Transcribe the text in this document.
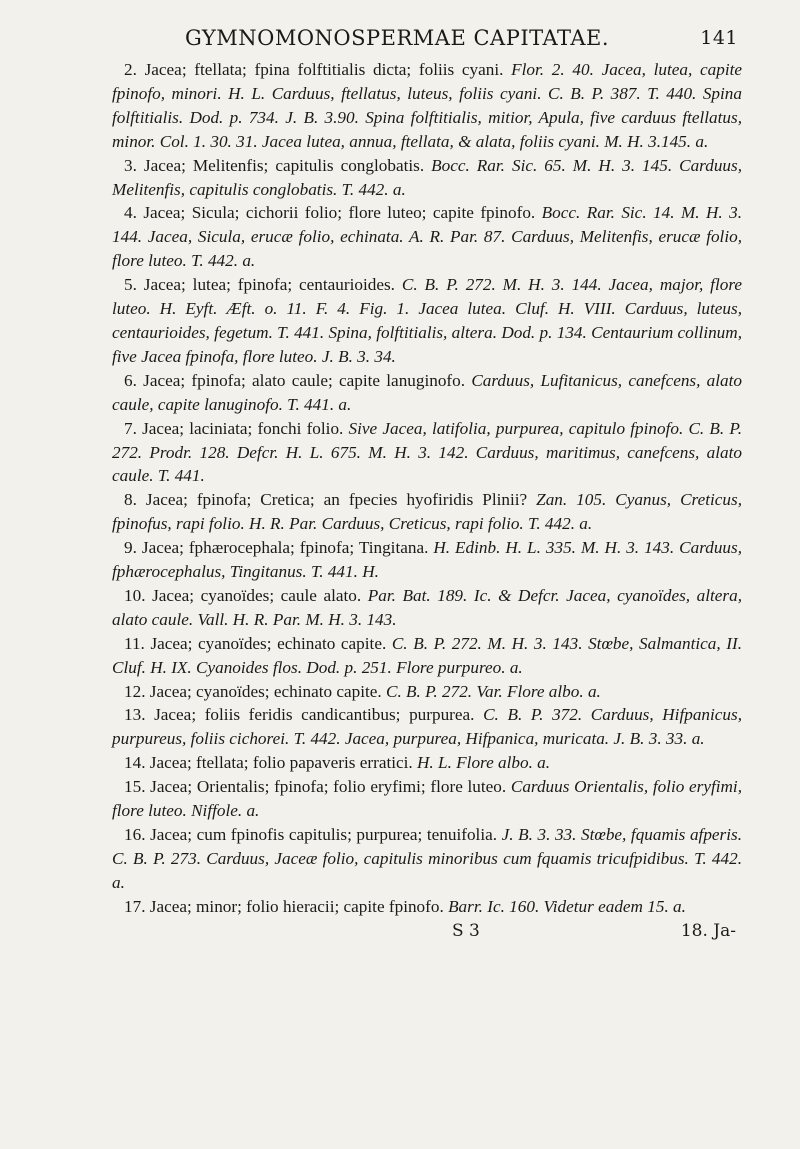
GYMNOMONOSPERMAE CAPITATAE.	141

2. Jacea; ftellata; fpina folftitialis dicta; foliis cyani. Flor. 2. 40. Jacea, lutea, capite fpinofo, minori. H. L. Carduus, ftellatus, luteus, foliis cyani. C. B. P. 387. T. 440. Spina folftitialis. Dod. p. 734. J. B. 3.90. Spina folftitialis, mitior, Apula, five carduus ftellatus, minor. Col. 1. 30. 31. Jacea lutea, annua, ftellata, & alata, foliis cyani. M. H. 3.145. a.

3. Jacea; Melitenfis; capitulis conglobatis. Bocc. Rar. Sic. 65. M. H. 3. 145. Carduus, Melitenfis, capitulis conglobatis. T. 442. a.

4. Jacea; Sicula; cichorii folio; flore luteo; capite fpinofo. Bocc. Rar. Sic. 14. M. H. 3. 144. Jacea, Sicula, erucæ folio, echinata. A. R. Par. 87. Carduus, Melitenfis, erucæ folio, flore luteo. T. 442. a.

5. Jacea; lutea; fpinofa; centaurioides. C. B. P. 272. M. H. 3. 144. Jacea, major, flore luteo. H. Eyft. Æft. o. 11. F. 4. Fig. 1. Jacea lutea. Cluf. H. VIII. Carduus, luteus, centaurioides, fegetum. T. 441. Spina, folftitialis, altera. Dod. p. 134. Centaurium collinum, five Jacea fpinofa, flore luteo. J. B. 3. 34.

6. Jacea; fpinofa; alato caule; capite lanuginofo. Carduus, Lufitanicus, canefcens, alato caule, capite lanuginofo. T. 441. a.

7. Jacea; laciniata; fonchi folio. Sive Jacea, latifolia, purpurea, capitulo fpinofo. C. B. P. 272. Prodr. 128. Defcr. H. L. 675. M. H. 3. 142. Carduus, maritimus, canefcens, alato caule. T. 441.

8. Jacea; fpinofa; Cretica; an fpecies hyofiridis Plinii? Zan. 105. Cyanus, Creticus, fpinofus, rapi folio. H. R. Par. Carduus, Creticus, rapi folio. T. 442. a.

9. Jacea; fphærocephala; fpinofa; Tingitana. H. Edinb. H. L. 335. M. H. 3. 143. Carduus, fphærocephalus, Tingitanus. T. 441. H.

10. Jacea; cyanoïdes; caule alato. Par. Bat. 189. Ic. & Defcr. Jacea, cyanoïdes, altera, alato caule. Vall. H. R. Par. M. H. 3. 143.

11. Jacea; cyanoïdes; echinato capite. C. B. P. 272. M. H. 3. 143. Stœbe, Salmantica, II. Cluf. H. IX. Cyanoides flos. Dod. p. 251. Flore purpureo. a.

12. Jacea; cyanoïdes; echinato capite. C. B. P. 272. Var. Flore albo. a.

13. Jacea; foliis feridis candicantibus; purpurea. C. B. P. 372. Carduus, Hifpanicus, purpureus, foliis cichorei. T. 442. Jacea, purpurea, Hifpanica, muricata. J. B. 3. 33. a.

14. Jacea; ftellata; folio papaveris erratici. H. L. Flore albo. a.

15. Jacea; Orientalis; fpinofa; folio eryfimi; flore luteo. Carduus Orientalis, folio eryfimi, flore luteo. Niffole. a.

16. Jacea; cum fpinofis capitulis; purpurea; tenuifolia. J. B. 3. 33. Stœbe, fquamis afperis. C. B. P. 273. Carduus, Jaceæ folio, capitulis minoribus cum fquamis tricufpidibus. T. 442. a.

17. Jacea; minor; folio hieracii; capite fpinofo. Barr. Ic. 160. Videtur eadem 15. a.

S 3	18. Ja-
